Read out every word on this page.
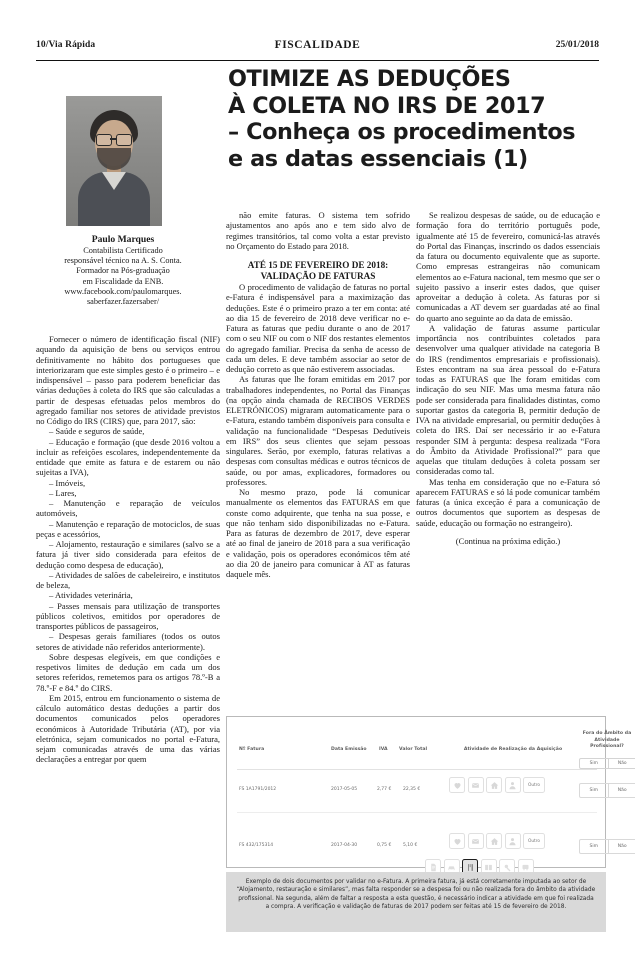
10/Via Rápida	FISCALIDADE	25/01/2018
OTIMIZE AS DEDUÇÕES
À COLETA NO IRS DE 2017
– Conheça os procedimentos
e as datas essenciais (1)
Paulo Marques
Contabilista Certificado
responsável técnico na A. S. Conta.
Formador na Pós-graduação
em Fiscalidade da ENB.
www.facebook.com/paulomarques.
saberfazer.fazersaber/

Fornecer o número de identificação fiscal (NIF) aquando da aquisição de bens ou serviços entrou definitivamente no hábito dos portugueses que interiorizaram que este simples gesto é o primeiro – e indispensável – passo para poderem beneficiar das várias deduções à coleta do IRS que são calculadas a partir de despesas efetuadas pelos membros do agregado familiar nos setores de atividade previstos no Código do IRS (CIRS) que, para 2017, são:

– Saúde e seguros de saúde,

– Educação e formação (que desde 2016 voltou a incluir as refeições escolares, independentemente da entidade que emite as fatura e de estarem ou não sujeitas a IVA),

– Imóveis,

– Lares,

– Manutenção e reparação de veículos automóveis,

– Manutenção e reparação de motociclos, de suas peças e acessórios,

– Alojamento, restauração e similares (salvo se a fatura já tiver sido considerada para efeitos de dedução como despesa de educação),

– Atividades de salões de cabeleireiro, e institutos de beleza,

– Atividades veterinária,

– Passes mensais para utilização de transportes públicos coletivos, emitidos por operadores de transportes públicos de passageiros,

– Despesas gerais familiares (todos os outos setores de atividade não referidos anteriormente).

Sobre despesas elegíveis, em que condições e respetivos limites de dedução em cada um dos setores referidos, remetemos para os artigos 78.º-B a 78.º-F e 84.º do CIRS.

Em 2015, entrou em funcionamento o sistema de cálculo automático destas deduções a partir dos documentos comunicados pelos operadores económicos à Autoridade Tributária (AT), por via eletrónica, sejam comunicados no portal e-Fatura, sejam comunicadas através de uma das várias declarações a entregar por quem

não emite faturas. O sistema tem sofrido ajustamentos ano após ano e tem sido alvo de regimes transitórios, tal como volta a estar previsto no Orçamento do Estado para 2018.

ATÉ 15 DE FEVEREIRO DE 2018:
VALIDAÇÃO DE FATURAS

O procedimento de validação de faturas no portal e-Fatura é indispensável para a maximização das deduções. Este é o primeiro prazo a ter em conta: até ao dia 15 de fevereiro de 2018 deve verificar no e-Fatura as faturas que pediu durante o ano de 2017 com o seu NIF ou com o NIF dos restantes elementos do agregado familiar. Precisa da senha de acesso de cada um deles. E deve também associar ao setor de dedução correto as que não estiverem associadas.

As faturas que lhe foram emitidas em 2017 por trabalhadores independentes, no Portal das Finanças (na opção ainda chamada de RECIBOS VERDES ELETRÓNICOS) migraram automaticamente para o e-Fatura, estando também disponíveis para consulta e validação na funcionalidade “Despesas Dedutíveis em IRS” dos seus clientes que sejam pessoas singulares. Serão, por exemplo, faturas relativas a despesas com consultas médicas e outros técnicos de saúde, ou por amas, explicadores, formadores ou professores.

No mesmo prazo, pode lá comunicar manualmente os elementos das FATURAS em que conste como adquirente, que tenha na sua posse, e que não tenham sido disponibilizadas no e-Fatura. Para as faturas de dezembro de 2017, deve esperar até ao final de janeiro de 2018 para a sua verificação e validação, pois os operadores económicos têm até ao dia 20 de janeiro para comunicar à AT as faturas daquele mês.

Se realizou despesas de saúde, ou de educação e formação fora do território português pode, igualmente até 15 de fevereiro, comunicá-las através do Portal das Finanças, inscrindo os dados essenciais da fatura ou documento equivalente que as suporte. Como empresas estrangeiras não comunicam elementos ao e-Fatura nacional, tem mesmo que ser o sujeito passivo a inserir estes dados, que quiser aproveitar a dedução à coleta. As faturas por si comunicadas a AT devem ser guardadas até ao final do quarto ano seguinte ao da data de emissão.

A validação de faturas assume particular importância nos contribuintes coletados para desenvolver uma qualquer atividade na categoria B do IRS (rendimentos empresariais e profissionais). Estes encontram na sua área pessoal do e-Fatura todas as FATURAS que lhe foram emitidas com indicação do seu NIF. Mas uma mesma fatura não pode ser considerada para finalidades distintas, como suportar gastos da categoria B, permitir dedução de IVA na atividade empresarial, ou permitir deduções à coleta do IRS. Daí ser necessário ir ao e-Fatura responder SIM à pergunta: despesa realizada “Fora do Âmbito da Atividade Profissional?” para que aquelas que titulam deduções à coleta possam ser consideradas como tal.

Mas tenha em consideração que no e-Fatura só aparecem FATURAS e só lá pode comunicar também faturas (a única exceção é para a comunicação de outros documentos que suportem as despesas de saúde, educação ou formação no estrangeiro).

(Continua na próxima edição.)

Nº Fatura	Data Emissão	IVA Valor Total	Atividade de Realização da Aquisição
Fora do Âmbito da
Atividade
Profissional?
Sim	Não
FS 1A1791/2012	2017-05-05	2,77 €	22,35 €
Outro
Sim	Não
FS 432/175314	2017-04-30	0,75 €	5,10 €
Outro
Sim	Não
Exemplo de dois documentos por validar no e-Fatura. A primeira fatura, já está corretamente imputada ao setor de “Alojamento, restauração e similares”, mas falta responder se a despesa foi ou não realizada fora do âmbito da atividade profissional. Na segunda, além de faltar a resposta a esta questão, é necessário indicar a atividade em que foi realizada a compra. A verificação e validação de faturas de 2017 podem ser feitas até 15 de fevereiro de 2018.
